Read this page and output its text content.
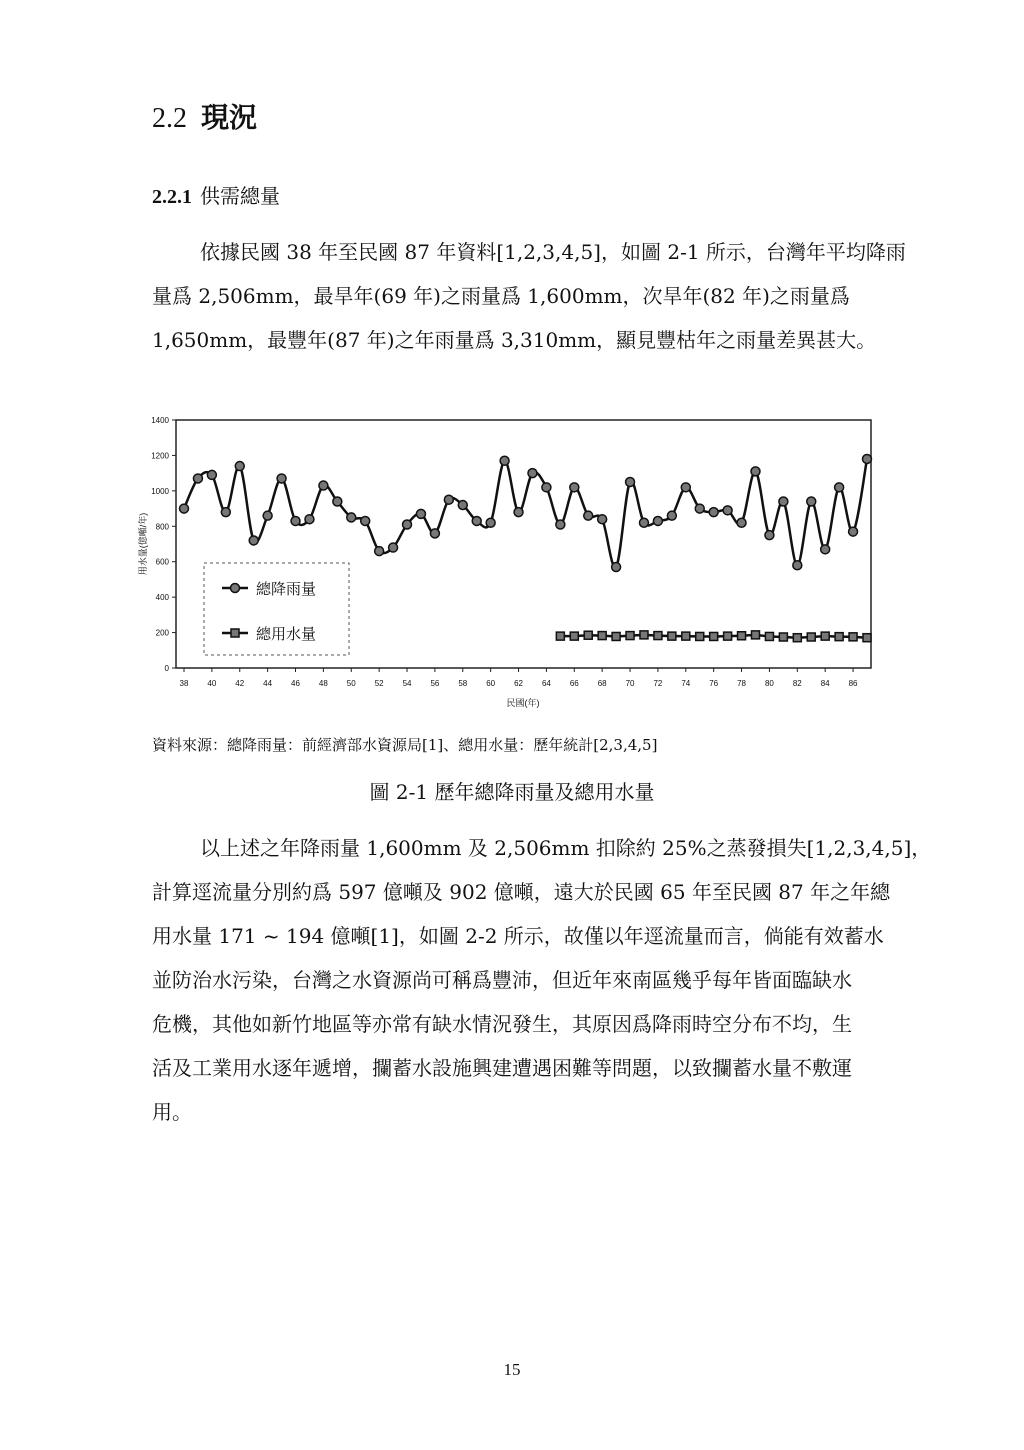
2.2 現況
2.2.1 供需總量

依據民國 38 年至民國 87 年資料[1,2,3,4,5]，如圖 2-1 所示，台灣年平均降雨
量爲 2,506mm，最旱年(69 年)之雨量爲 1,600mm，次旱年(82 年)之雨量爲
1,650mm，最豐年(87 年)之年雨量爲 3,310mm，顯見豐枯年之雨量差異甚大。

0
200
400
600
800
1000
1200
1400
38 40 42 44 46 48 50 52 54 56 58 60 62 64 66 68 70 72 74 76 78 80 82 84 86
用水量(億噸/年)
民國(年)
總降雨量
總用水量

資料來源：總降雨量：前經濟部水資源局[1]、總用水量：歷年統計[2,3,4,5]

圖 2-1 歷年總降雨量及總用水量

以上述之年降雨量 1,600mm 及 2,506mm 扣除約 25%之蒸發損失[1,2,3,4,5]，
計算逕流量分別約爲 597 億噸及 902 億噸，遠大於民國 65 年至民國 87 年之年總
用水量 171 ~ 194 億噸[1]，如圖 2-2 所示，故僅以年逕流量而言，倘能有效蓄水
並防治水污染，台灣之水資源尚可稱爲豐沛，但近年來南區幾乎每年皆面臨缺水
危機，其他如新竹地區等亦常有缺水情況發生，其原因爲降雨時空分布不均，生
活及工業用水逐年遞增，攔蓄水設施興建遭遇困難等問題，以致攔蓄水量不敷運
用。

15
